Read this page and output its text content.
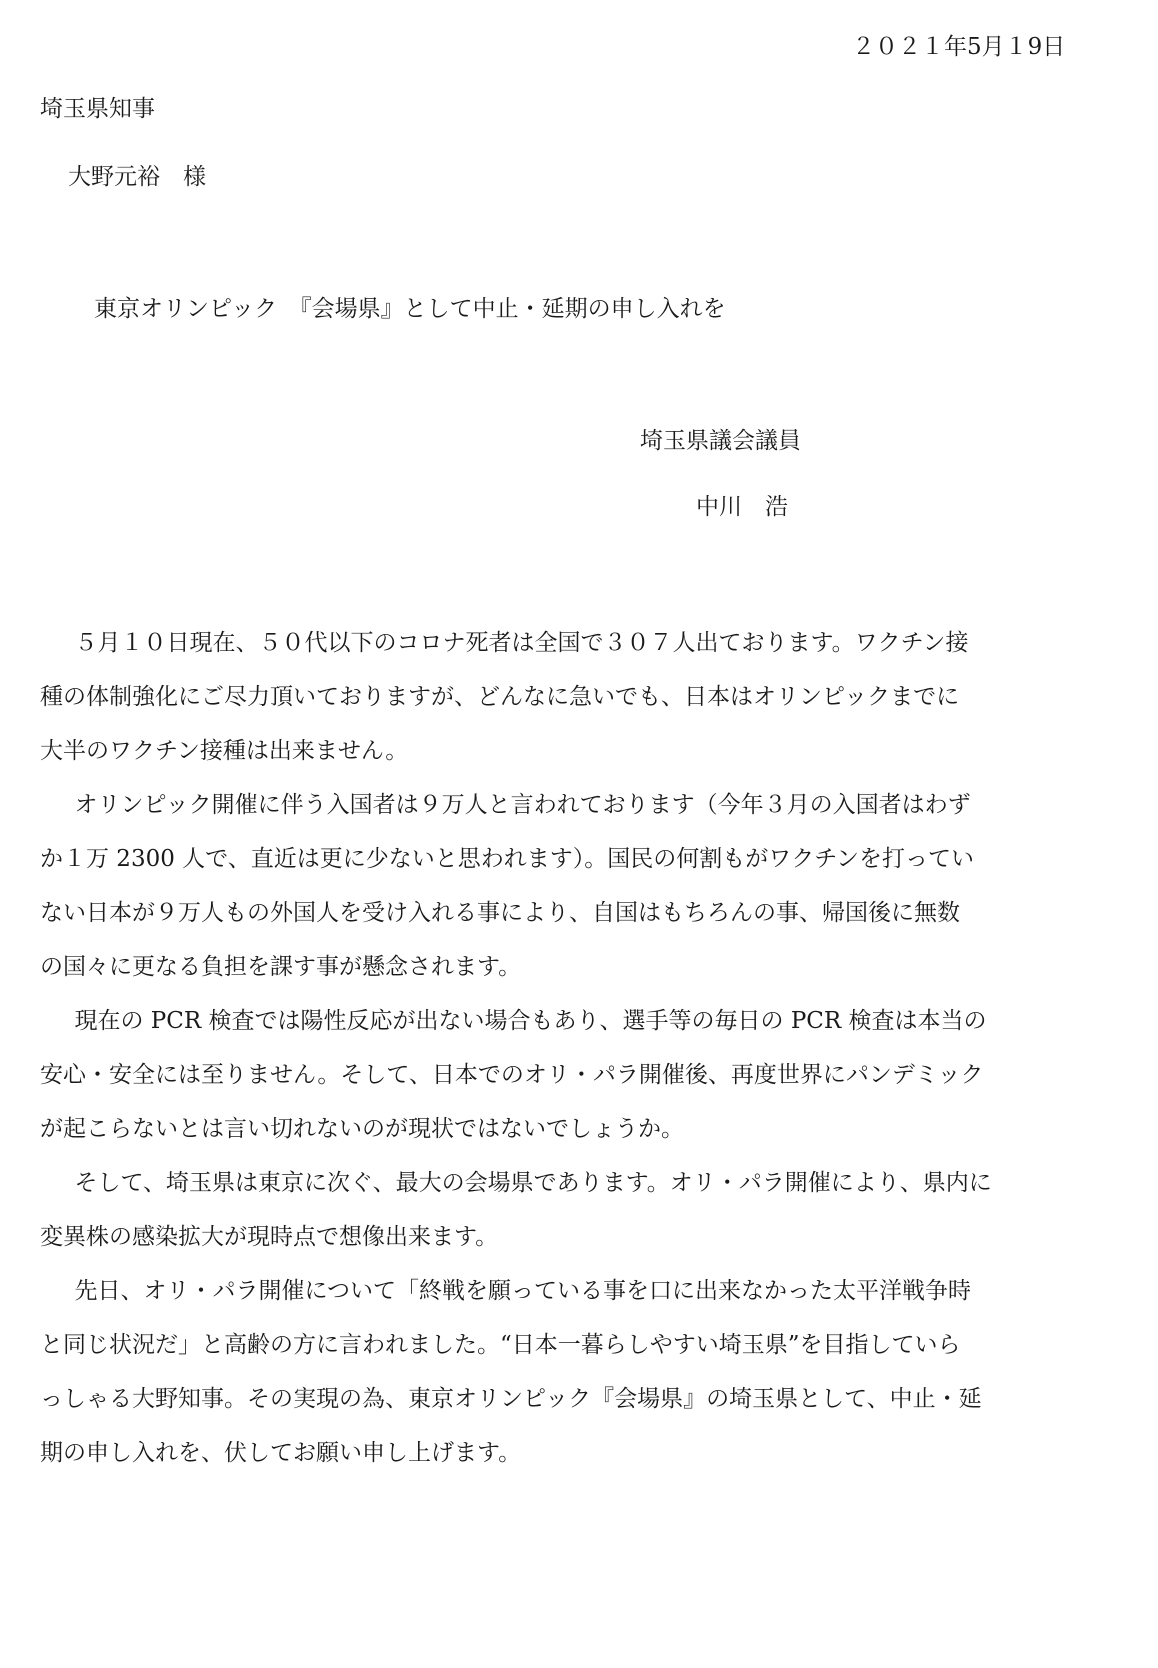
２０２１年5月１9日
埼玉県知事
大野元裕　様
東京オリンピック　『会場県』として中止・延期の申し入れを
埼玉県議会議員
中川　浩

５月１０日現在、５０代以下のコロナ死者は全国で３０７人出ております。ワクチン接
種の体制強化にご尽力頂いておりますが、どんなに急いでも、日本はオリンピックまでに
大半のワクチン接種は出来ません。

オリンピック開催に伴う入国者は９万人と言われております（今年３月の入国者はわず
か１万 2300 人で、直近は更に少ないと思われます）。国民の何割もがワクチンを打ってい
ない日本が９万人もの外国人を受け入れる事により、自国はもちろんの事、帰国後に無数
の国々に更なる負担を課す事が懸念されます。

現在の PCR 検査では陽性反応が出ない場合もあり、選手等の毎日の PCR 検査は本当の
安心・安全には至りません。そして、日本でのオリ・パラ開催後、再度世界にパンデミック
が起こらないとは言い切れないのが現状ではないでしょうか。

そして、埼玉県は東京に次ぐ、最大の会場県であります。オリ・パラ開催により、県内に
変異株の感染拡大が現時点で想像出来ます。

先日、オリ・パラ開催について「終戦を願っている事を口に出来なかった太平洋戦争時
と同じ状況だ」と高齢の方に言われました。“日本一暮らしやすい埼玉県”を目指していら
っしゃる大野知事。その実現の為、東京オリンピック『会場県』の埼玉県として、中止・延
期の申し入れを、伏してお願い申し上げます。
